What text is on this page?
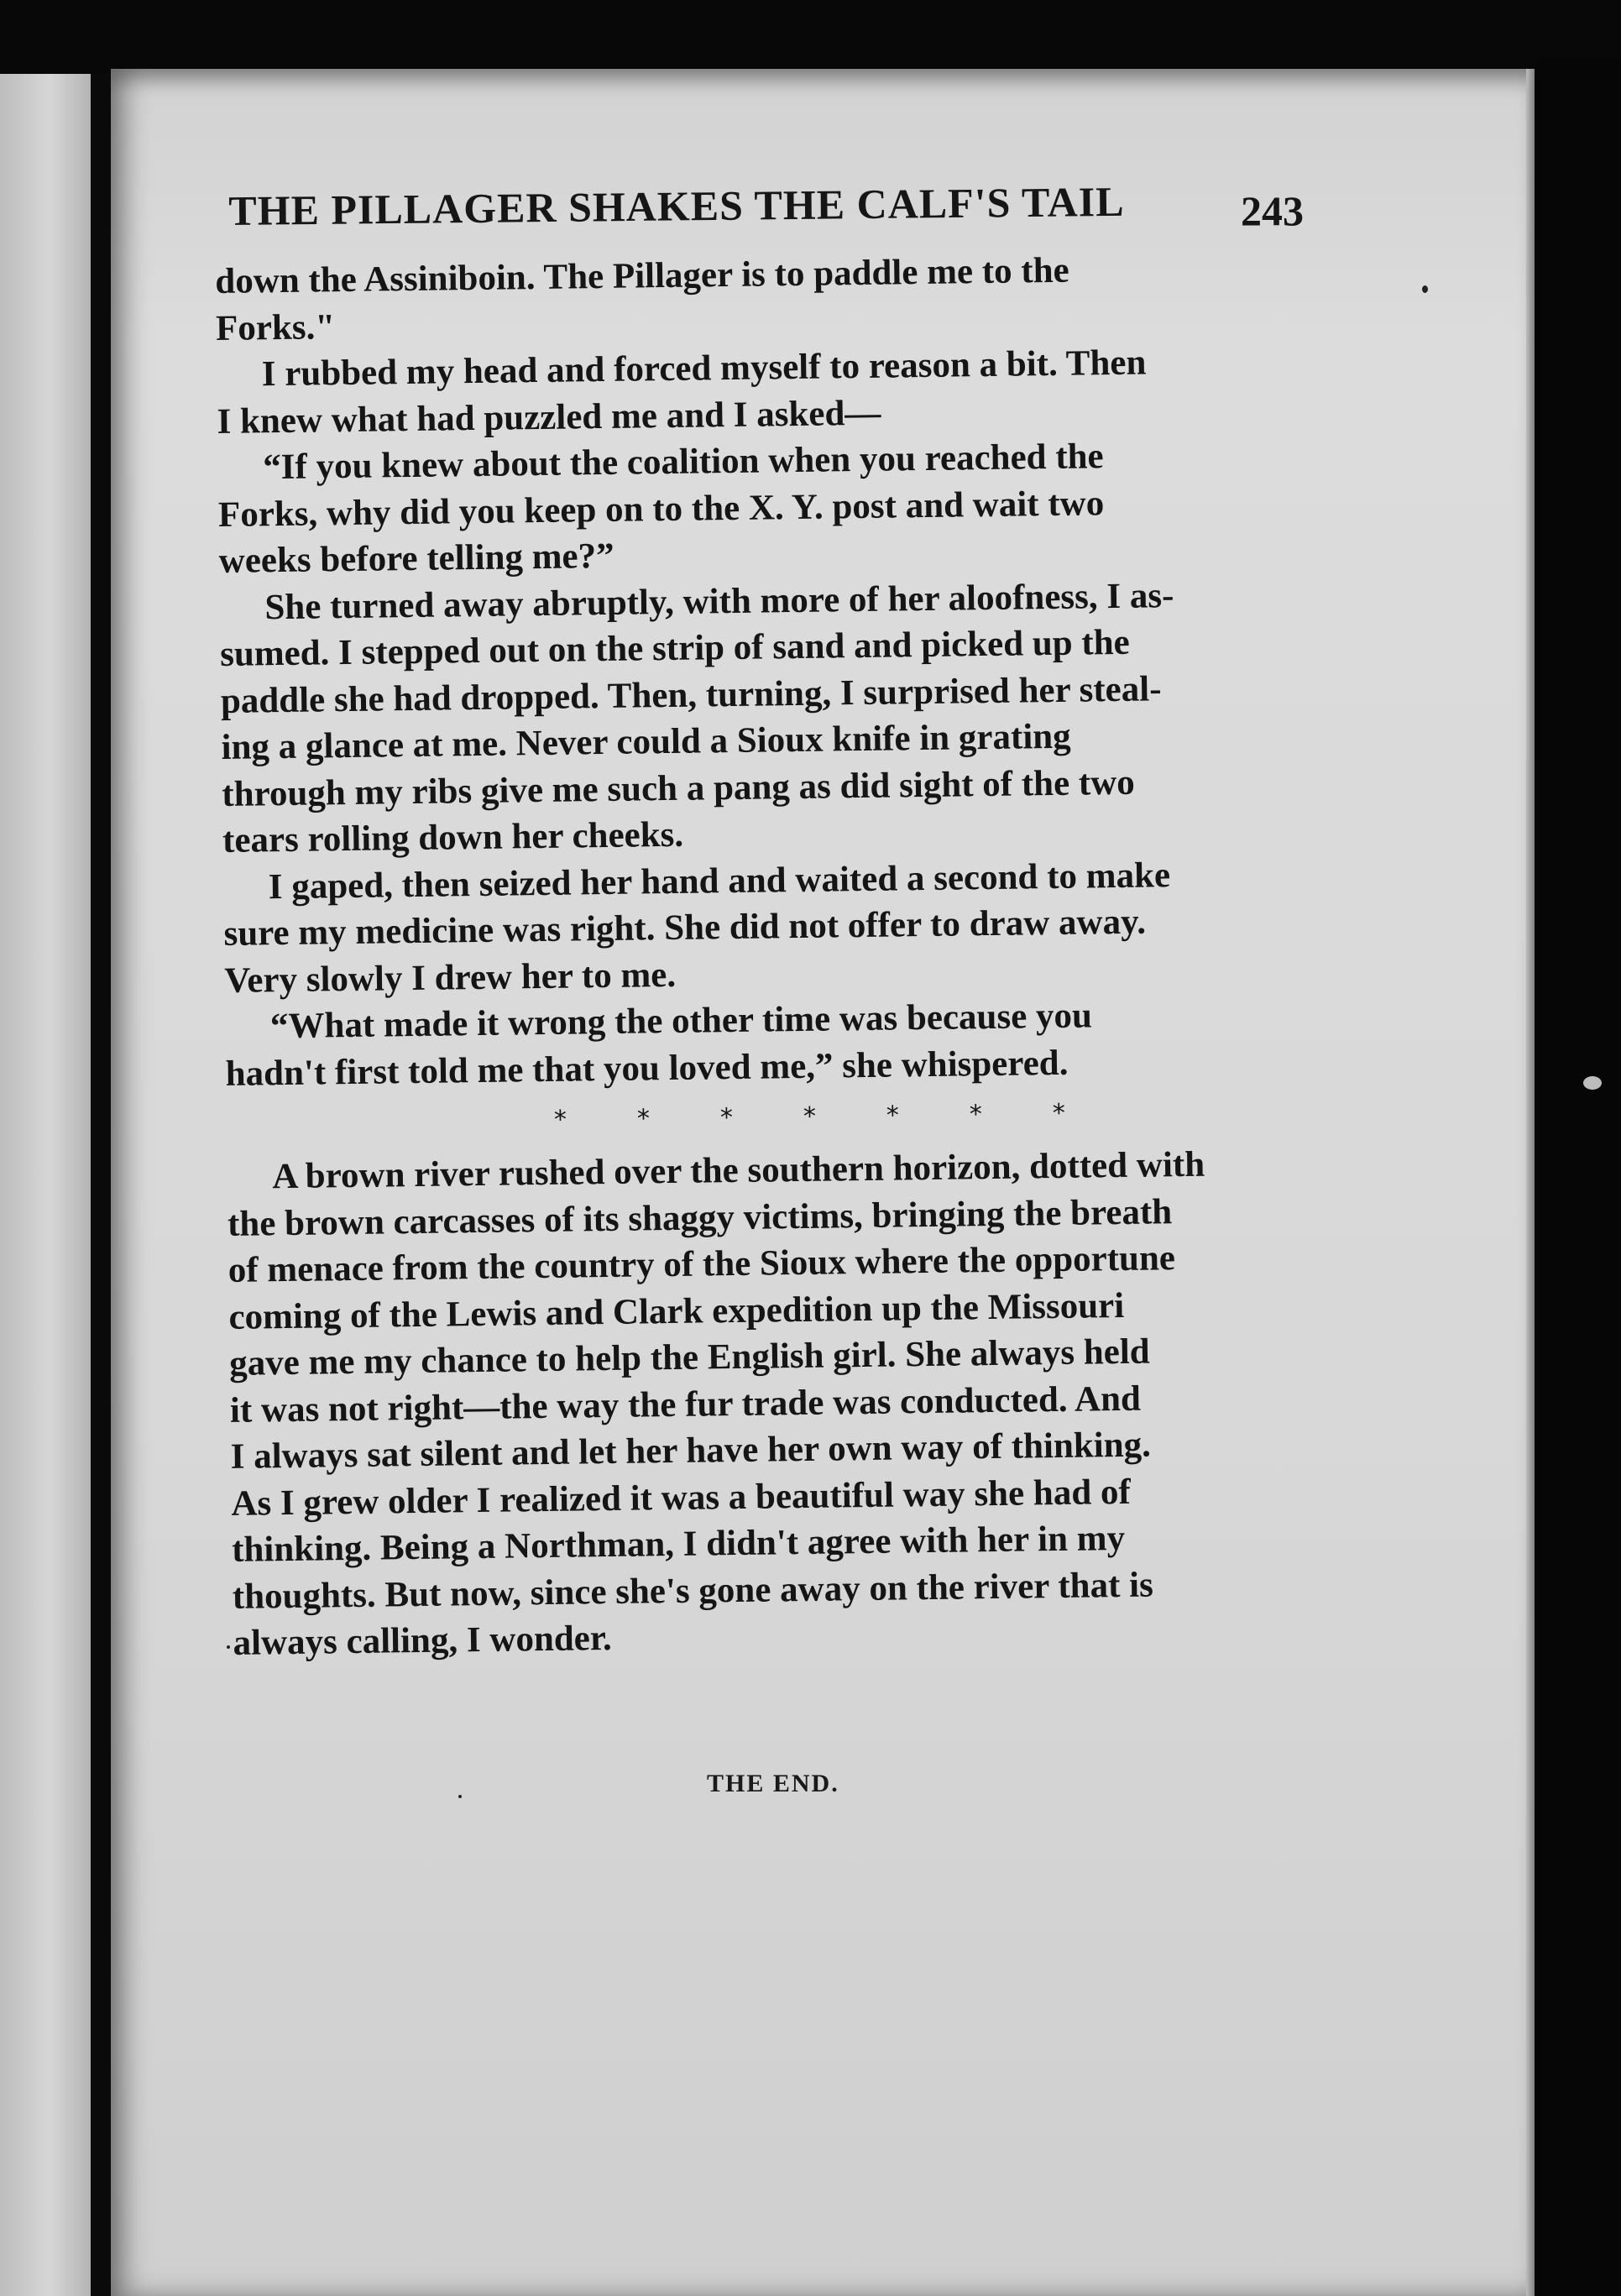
THE PILLAGER SHAKES THE CALF'S TAIL	243

down the Assiniboin. The Pillager is to paddle me to the
Forks."

I rubbed my head and forced myself to reason a bit. Then
I knew what had puzzled me and I asked—

“If you knew about the coalition when you reached the
Forks, why did you keep on to the X. Y. post and wait two
weeks before telling me?”

She turned away abruptly, with more of her aloofness, I as-
sumed. I stepped out on the strip of sand and picked up the
paddle she had dropped. Then, turning, I surprised her steal-
ing a glance at me. Never could a Sioux knife in grating
through my ribs give me such a pang as did sight of the two
tears rolling down her cheeks.

I gaped, then seized her hand and waited a second to make
sure my medicine was right. She did not offer to draw away.
Very slowly I drew her to me.

“What made it wrong the other time was because you
hadn't first told me that you loved me,” she whispered.

*	*	*	*	*	*	*

A brown river rushed over the southern horizon, dotted with
the brown carcasses of its shaggy victims, bringing the breath
of menace from the country of the Sioux where the opportune
coming of the Lewis and Clark expedition up the Missouri
gave me my chance to help the English girl. She always held
it was not right—the way the fur trade was conducted. And
I always sat silent and let her have her own way of thinking.
As I grew older I realized it was a beautiful way she had of
thinking. Being a Northman, I didn't agree with her in my
thoughts. But now, since she's gone away on the river that is
always calling, I wonder.

THE END.
